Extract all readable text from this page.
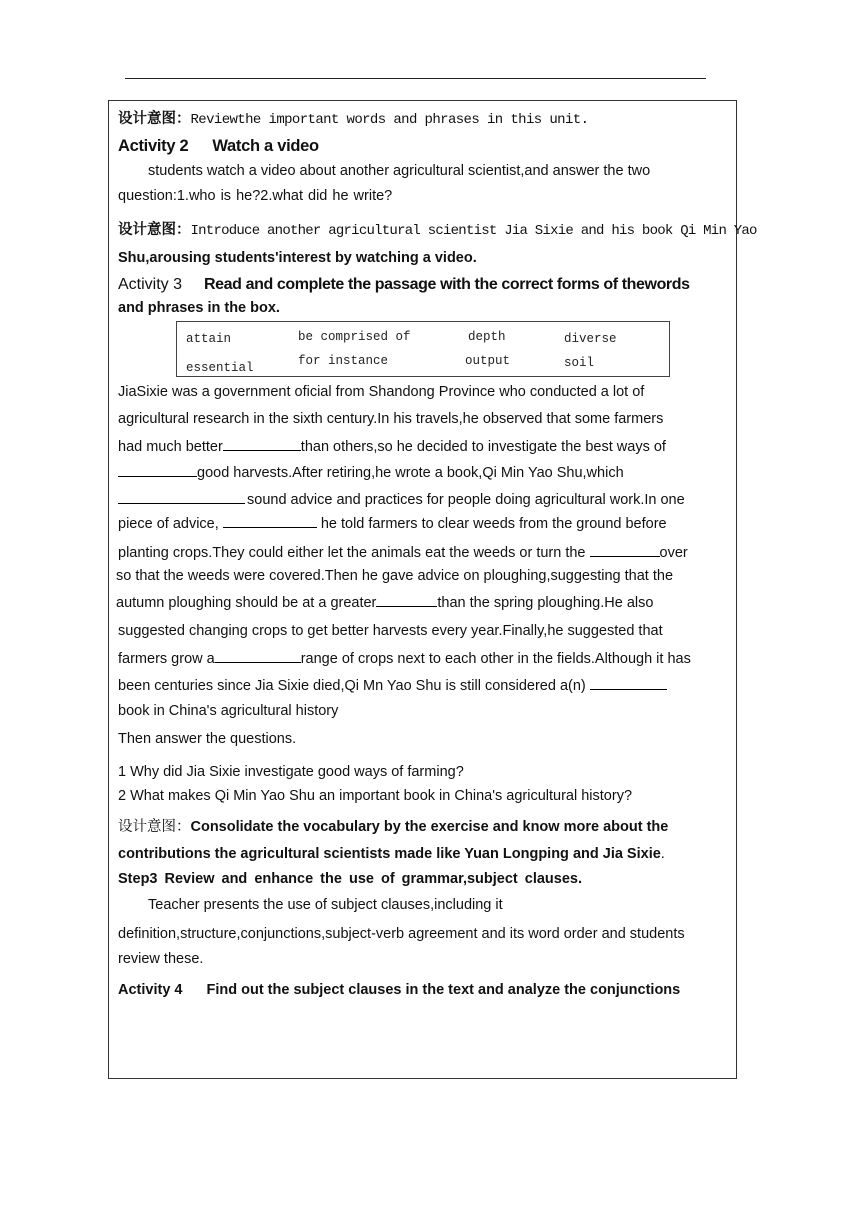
设计意图：Reviewthe important words and phrases in this unit.
Activity 2 Watch a video
students watch a video about another agricultural scientist,and answer the two
question:1.who is he?2.what did he write?
设计意图：Introduce another agricultural scientist Jia Sixie and his book Qi Min Yao
Shu,arousing students'interest by watching a video.
Activity 3 Read and complete the passage with the correct forms of thewords
and phrases in the box.
attain	be comprised of	depth	diverse
essential	for instance	output	soil
JiaSixie was a government oficial from Shandong Province who conducted a lot of
agricultural research in the sixth century.In his travels,he observed that some farmers
had much better	than others,so he decided to investigate the best ways of
good harvests.After retiring,he wrote a book,Qi Min Yao Shu,which
sound advice and practices for people doing agricultural work.In one
piece of advice,	he told farmers to clear weeds from the ground before
planting crops.They could either let the animals eat the weeds or turn the	over
so that the weeds were covered.Then he gave advice on ploughing,suggesting that the
autumn ploughing should be at a greater	than the spring ploughing.He also
suggested changing crops to get better harvests every year.Finally,he suggested that
farmers grow a	range of crops next to each other in the fields.Although it has
been centuries since Jia Sixie died,Qi Mn Yao Shu is still considered a(n)
book in China's agricultural history
Then answer the questions.
1 Why did Jia Sixie investigate good ways of farming?
2 What makes Qi Min Yao Shu an important book in China's agricultural history?
设计意图：Consolidate the vocabulary by the exercise and know more about the
contributions the agricultural scientists made like Yuan Longping and Jia Sixie.
Step3 Review and enhance the use of grammar,subject clauses.
Teacher presents the use of subject clauses,including it
definition,structure,conjunctions,subject-verb agreement and its word order and students
review these.
Activity 4 Find out the subject clauses in the text and analyze the conjunctions
